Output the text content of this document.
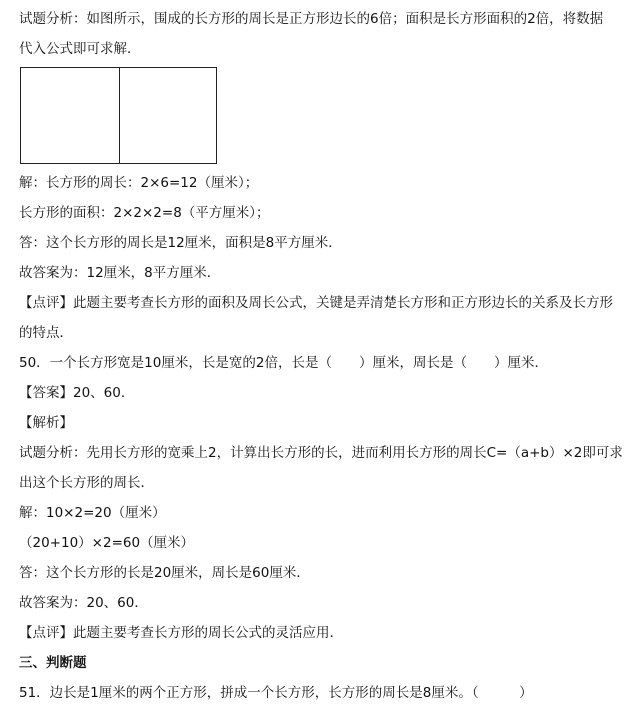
试题分析：如图所示，围成的长方形的周长是正方形边长的6倍；面积是长方形面积的2倍，将数据
代入公式即可求解．
解：长方形的周长：2×6=12（厘米）；
长方形的面积：2×2×2=8（平方厘米）；
答：这个长方形的周长是12厘米，面积是8平方厘米．
故答案为：12厘米，8平方厘米．
【点评】此题主要考查长方形的面积及周长公式，关键是弄清楚长方形和正方形边长的关系及长方形
的特点．
50．一个长方形宽是10厘米，长是宽的2倍，长是（　　）厘米，周长是（　　）厘米．
【答案】20、60．
【解析】
试题分析：先用长方形的宽乘上2，计算出长方形的长，进而利用长方形的周长C=（a+b）×2即可求
出这个长方形的周长．
解：10×2=20（厘米）
（20+10）×2=60（厘米）
答：这个长方形的长是20厘米，周长是60厘米．
故答案为：20、60．
【点评】此题主要考查长方形的周长公式的灵活应用．
三、判断题
51．边长是1厘米的两个正方形，拼成一个长方形，长方形的周长是8厘米。（　　　）
